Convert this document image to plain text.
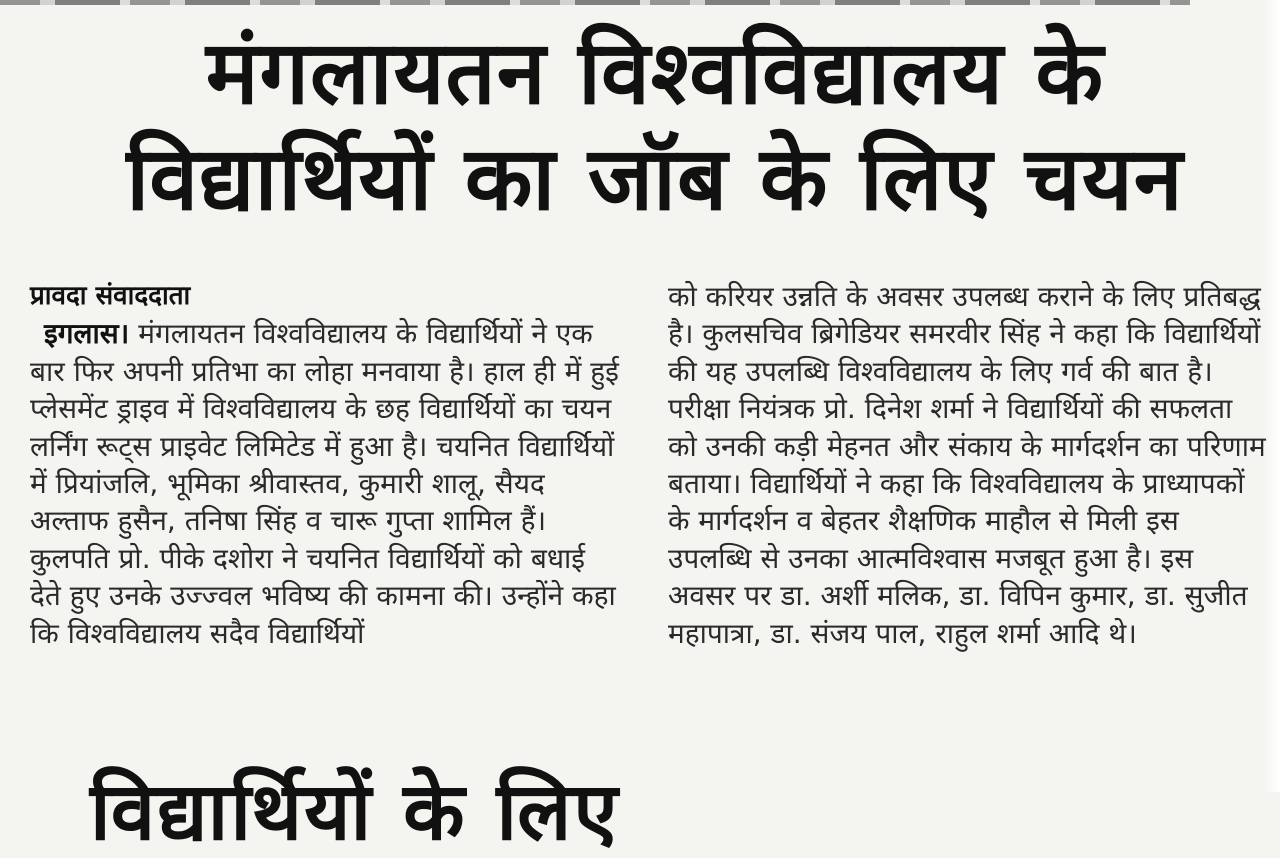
मंगलायतन विश्वविद्यालय के
विद्यार्थियों का जॉब के लिए चयन
प्रावदा संवाददाता

इगलास। मंगलायतन विश्वविद्यालय के विद्यार्थियों ने एक बार फिर अपनी प्रतिभा का लोहा मनवाया है। हाल ही में हुई प्लेसमेंट ड्राइव में विश्वविद्यालय के छह विद्यार्थियों का चयन लर्निंग रूट्स प्राइवेट लिमिटेड में हुआ है। चयनित विद्यार्थियों में प्रियांजलि, भूमिका श्रीवास्तव, कुमारी शालू, सैयद अल्ताफ हुसैन, तनिषा सिंह व चारू गुप्ता शामिल हैं।

कुलपति प्रो. पीके दशोरा ने चयनित विद्यार्थियों को बधाई देते हुए उनके उज्ज्वल भविष्य की कामना की। उन्होंने कहा कि विश्वविद्यालय सदैव विद्यार्थियों

को करियर उन्नति के अवसर उपलब्ध कराने के लिए प्रतिबद्ध है। कुलसचिव ब्रिगेडियर समरवीर सिंह ने कहा कि विद्यार्थियों की यह उपलब्धि विश्वविद्यालय के लिए गर्व की बात है। परीक्षा नियंत्रक प्रो. दिनेश शर्मा ने विद्यार्थियों की सफलता को उनकी कड़ी मेहनत और संकाय के मार्गदर्शन का परिणाम बताया। विद्यार्थियों ने कहा कि विश्वविद्यालय के प्राध्यापकों के मार्गदर्शन व बेहतर शैक्षणिक माहौल से मिली इस उपलब्धि से उनका आत्मविश्वास मजबूत हुआ है। इस अवसर पर डा. अर्शी मलिक, डा. विपिन कुमार, डा. सुजीत महापात्रा, डा. संजय पाल, राहुल शर्मा आदि थे।

विद्यार्थियों के लिए
